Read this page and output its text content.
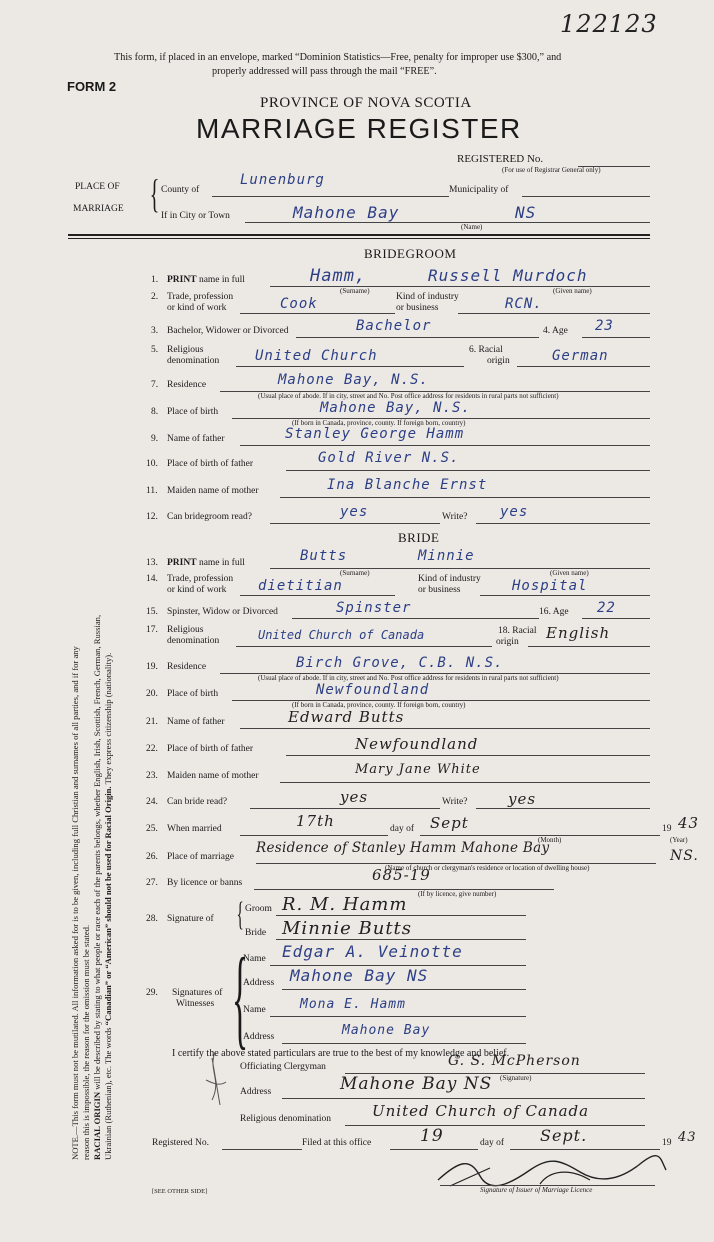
122123
This form, if placed in an envelope, marked “Dominion Statistics—Free, penalty for improper use $300,” and
properly addressed will pass through the mail “FREE”.
FORM 2
PROVINCE OF NOVA SCOTIA
MARRIAGE REGISTER
REGISTERED No.
(For use of Registrar General only)
PLACE OF
MARRIAGE { County of
Lunenburg
Municipality of
If in City or Town	Mahone Bay	NS
(Name)
NOTE.—This form must not be mutilated. All information asked for is to be given, including full Christian and surnames of all parties, and if for any reason this is impossible, the reason for the omission must be stated. RACIAL ORIGIN will be described by stating to what people or race each of the parents belongs, whether English, Irish, Scottish, French, German, Russian,
Ukrainian (Ruthenian), etc. The words “Canadian” or “American” should not be used for Racial Origin. They express citizenship (nationality).
BRIDEGROOM
1. PRINT name in full	Hamm,	Russell Murdoch
(Surname)	(Given name)
2. Trade, profession
or kind of work	Cook	Kind of industry
or business	RCN.
3. Bachelor, Widower or Divorced	Bachelor	4. Age 23
5. Religious
denomination	United Church	6. Racial
origin	German
7. Residence	Mahone Bay, N.S.
(Usual place of abode. If in city, street and No. Post office address for residents in rural parts not sufficient)
8. Place of birth	Mahone Bay, N.S.
(If born in Canada, province, county. If foreign born, country)
9. Name of father	Stanley George Hamm
10. Place of birth of father	Gold River N.S.
11. Maiden name of mother	Ina Blanche Ernst
12. Can bridegroom read?	yes	Write? yes
BRIDE
13. PRINT name in full	Butts	Minnie
(Surname)	(Given name)
14. Trade, profession
or kind of work dietitian	Kind of industry
or business	Hospital
15. Spinster, Widow or Divorced	Spinster	16. Age 22
17. Religious
denomination	United Church of Canada	18. Racial
origin English
19. Residence	Birch Grove, C.B. N.S.
(Usual place of abode. If in city, street and No. Post office address for residents in rural parts not sufficient)
20. Place of birth	Newfoundland
(If born in Canada, province, county. If foreign born, country)
21. Name of father	Edward Butts
22. Place of birth of father	Newfoundland
23. Maiden name of mother	Mary Jane White
24. Can bride read?	yes	Write?	yes
25. When married	17th	day of Sept
(Month)
19 43
(Year)
26. Place of marriage
Residence of Stanley Hamm Mahone Bay	NS.
(Name of church or clergyman's residence or location of dwelling house)
27. By licence or banns	685-19
(If by licence, give number)
28. Signature of { Groom R. M. Hamm
Bride Minnie Butts
29. Signatures of
Witnesses {
Name Edgar A. Veinotte
Address Mahone Bay NS
Name	Mona E. Hamm
Address	Mahone Bay
I certify the above stated particulars are true to the best of my knowledge and belief.
Officiating Clergyman	G. S. McPherson
(Signature)
Address	Mahone Bay NS
Religious denomination	United Church of Canada
Registered No.	Filed at this office	19	day of Sept.	19 43
Signature of Issuer of Marriage Licence
[SEE OTHER SIDE]
